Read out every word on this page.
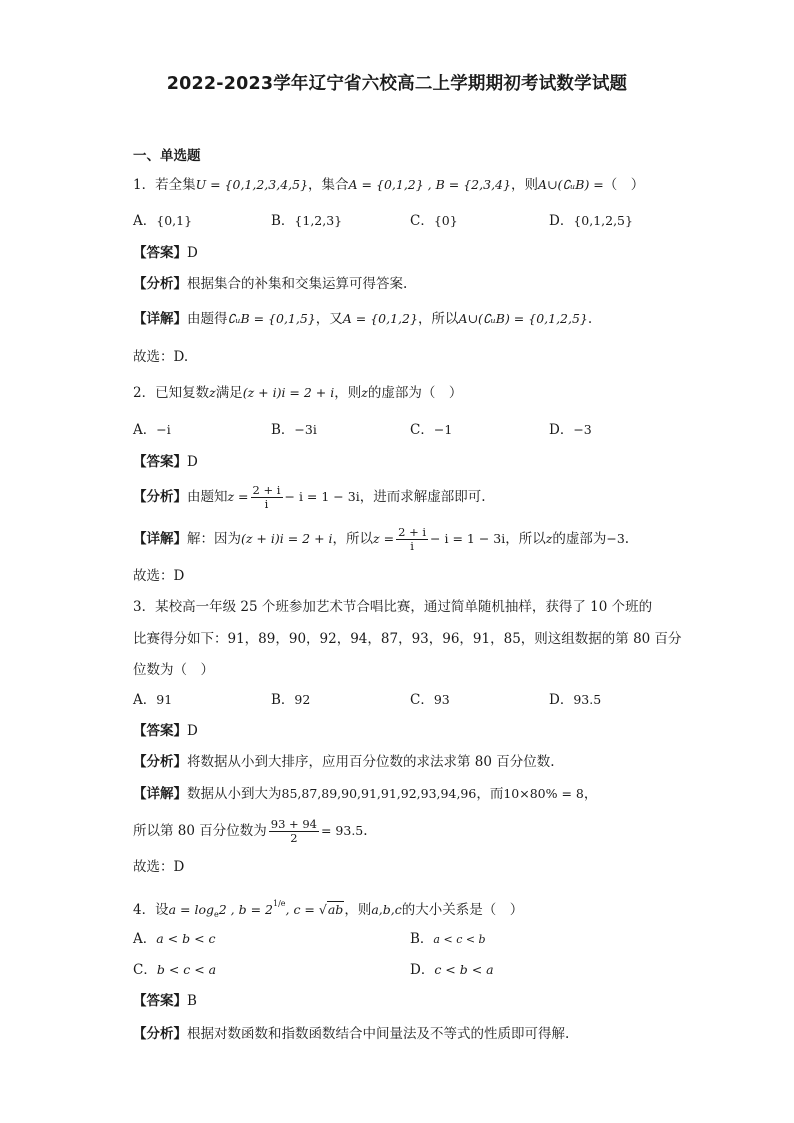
2022-2023学年辽宁省六校高二上学期期初考试数学试题
一、单选题
1．若全集U = {0,1,2,3,4,5}，集合A = {0,1,2} , B = {2,3,4}，则A∪(∁ᵤB) =（　）
A．{0,1}	B．{1,2,3}	C．{0}	D．{0,1,2,5}
【答案】D
【分析】根据集合的补集和交集运算可得答案.
【详解】由题得∁ᵤB = {0,1,5}，又A = {0,1,2}，所以A∪(∁ᵤB) = {0,1,2,5}.
故选：D.
2．已知复数z满足(z + i)i = 2 + i，则z的虚部为（　）
A．−i	B．−3i	C．−1	D．−3
【答案】D
【分析】由题知$z = \frac{2 + i}{i} - i = 1 - 3i$，进而求解虚部即可.
【详解】解：因为(z + i)i = 2 + i，所以$z = \frac{2 + i}{i} - i = 1 - 3i$，所以z的虚部为−3.
故选：D
3．某校高一年级 25 个班参加艺术节合唱比赛，通过简单随机抽样，获得了 10 个班的
比赛得分如下：91，89，90，92，94，87，93，96，91，85，则这组数据的第 80 百分
位数为（　）
A．91	B．92	C．93	D．93.5
【答案】D
【分析】将数据从小到大排序，应用百分位数的求法求第 80 百分位数.
【详解】数据从小到大为85,87,89,90,91,91,92,93,94,96，而10×80% = 8，
所以第 80 百分位数为 $\frac{93 + 94}{2} = 93.5$.
故选：D
4．设$a = \log_e2$ , $b = 2^{1/e}$, c = √ab，则a,b,c的大小关系是（　）
A．a < b < c	B．a < c < b
C．b < c < a	D．c < b < a
【答案】B
【分析】根据对数函数和指数函数结合中间量法及不等式的性质即可得解.
